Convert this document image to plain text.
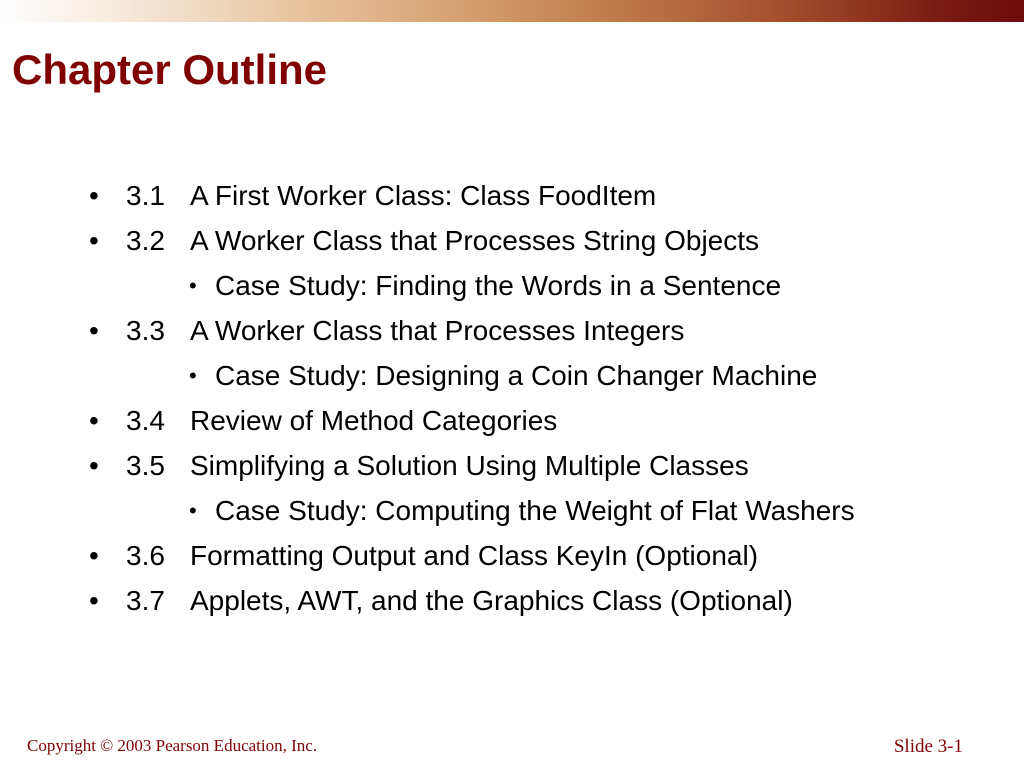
Chapter Outline
• 3.1 A First Worker Class: Class FoodItem
• 3.2 A Worker Class that Processes String Objects
• Case Study: Finding the Words in a Sentence
• 3.3 A Worker Class that Processes Integers
• Case Study: Designing a Coin Changer Machine
• 3.4 Review of Method Categories
• 3.5 Simplifying a Solution Using Multiple Classes
• Case Study: Computing the Weight of Flat Washers
• 3.6 Formatting Output and Class KeyIn (Optional)
• 3.7 Applets, AWT, and the Graphics Class (Optional)
Copyright © 2003 Pearson Education, Inc.	Slide 3-1
